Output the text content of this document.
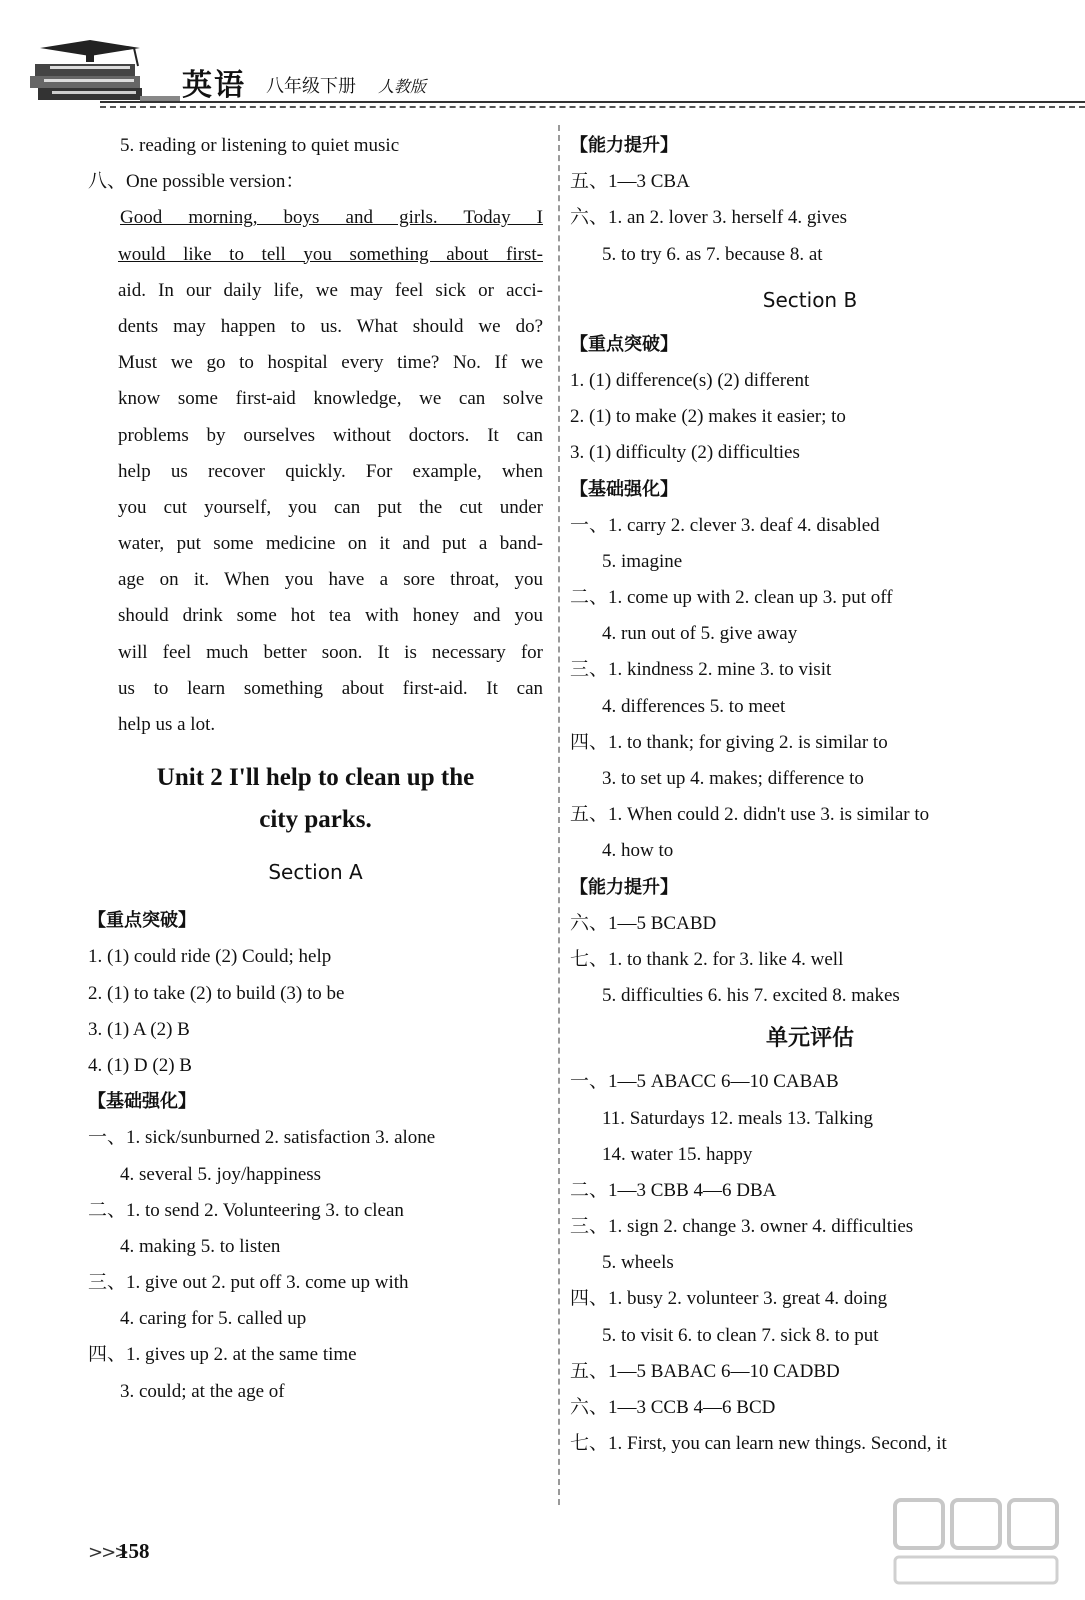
英语 八年级下册 人教版
5. reading or listening to quiet music
八、One possible version：
Good morning, boys and girls. Today I
would like to tell you something about first-
aid. In our daily life, we may feel sick or acci-
dents may happen to us. What should we do?
Must we go to hospital every time? No. If we
know some first-aid knowledge, we can solve
problems by ourselves without doctors. It can
help us recover quickly. For example, when
you cut yourself, you can put the cut under
water, put some medicine on it and put a band-
age on it. When you have a sore throat, you
should drink some hot tea with honey and you
will feel much better soon. It is necessary for
us to learn something about first-aid. It can
help us a lot.
Unit 2 I'll help to clean up the
city parks.
Section A
【重点突破】
1. (1) could ride (2) Could; help
2. (1) to take (2) to build (3) to be
3. (1) A (2) B
4. (1) D (2) B
【基础强化】
一、1. sick/sunburned 2. satisfaction 3. alone
4. several 5. joy/happiness
二、1. to send 2. Volunteering 3. to clean
4. making 5. to listen
三、1. give out 2. put off 3. come up with
4. caring for 5. called up
四、1. gives up 2. at the same time
3. could; at the age of
【能力提升】
五、1—3 CBA
六、1. an 2. lover 3. herself 4. gives
5. to try 6. as 7. because 8. at
Section B
【重点突破】
1. (1) difference(s) (2) different
2. (1) to make (2) makes it easier; to
3. (1) difficulty (2) difficulties
【基础强化】
一、1. carry 2. clever 3. deaf 4. disabled
5. imagine
二、1. come up with 2. clean up 3. put off
4. run out of 5. give away
三、1. kindness 2. mine 3. to visit
4. differences 5. to meet
四、1. to thank; for giving 2. is similar to
3. to set up 4. makes; difference to
五、1. When could 2. didn't use 3. is similar to
4. how to
【能力提升】
六、1—5 BCABD
七、1. to thank 2. for 3. like 4. well
5. difficulties 6. his 7. excited 8. makes
单元评估
一、1—5 ABACC 6—10 CABAB
11. Saturdays 12. meals 13. Talking
14. water 15. happy
二、1—3 CBB 4—6 DBA
三、1. sign 2. change 3. owner 4. difficulties
5. wheels
四、1. busy 2. volunteer 3. great 4. doing
5. to visit 6. to clean 7. sick 8. to put
五、1—5 BABAC 6—10 CADBD
六、1—3 CCB 4—6 BCD
七、1. First, you can learn new things. Second, it
>>>
158
